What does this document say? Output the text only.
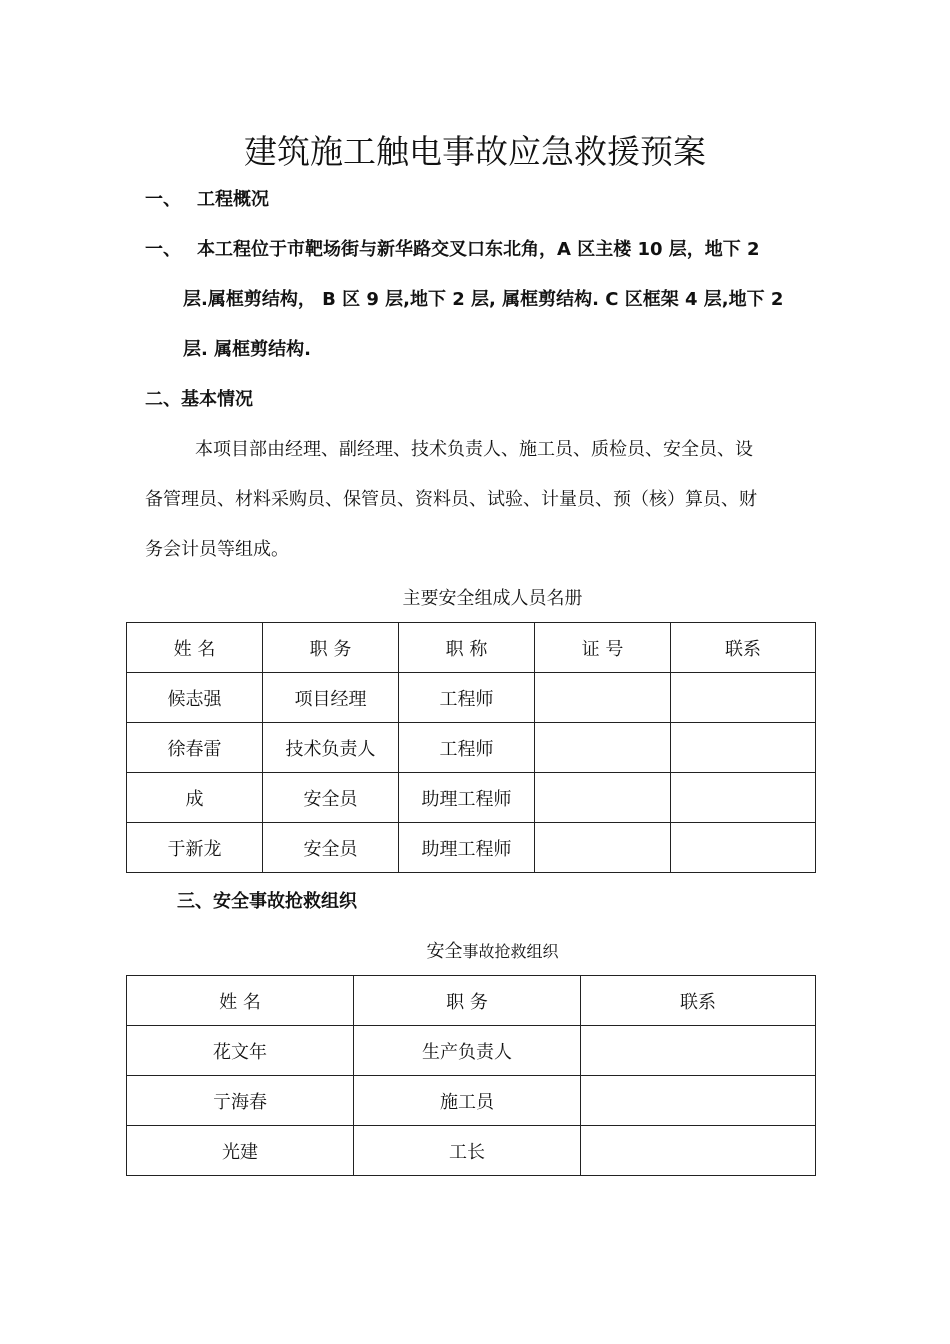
建筑施工触电事故应急救援预案
一、 工程概况
一、 本工程位于市靶场街与新华路交叉口东北角，A 区主楼 10 层，地下 2
层.属框剪结构， B 区 9 层,地下 2 层, 属框剪结构. C 区框架 4 层,地下 2
层. 属框剪结构.
二、基本情况
本项目部由经理、副经理、技术负责人、施工员、质检员、安全员、设
备管理员、材料采购员、保管员、资料员、试验、计量员、预（核）算员、财
务会计员等组成。
主要安全组成人员名册
姓 名	职 务	职 称	证 号	联系
候志强	项目经理	工程师		
徐春雷	技术负责人	工程师		
成	安全员	助理工程师		
于新龙	安全员	助理工程师		
三、安全事故抢救组织
安全事故抢救组织
姓 名	职 务	联系
花文年	生产负责人	
亍海春	施工员	
光建	工长	
